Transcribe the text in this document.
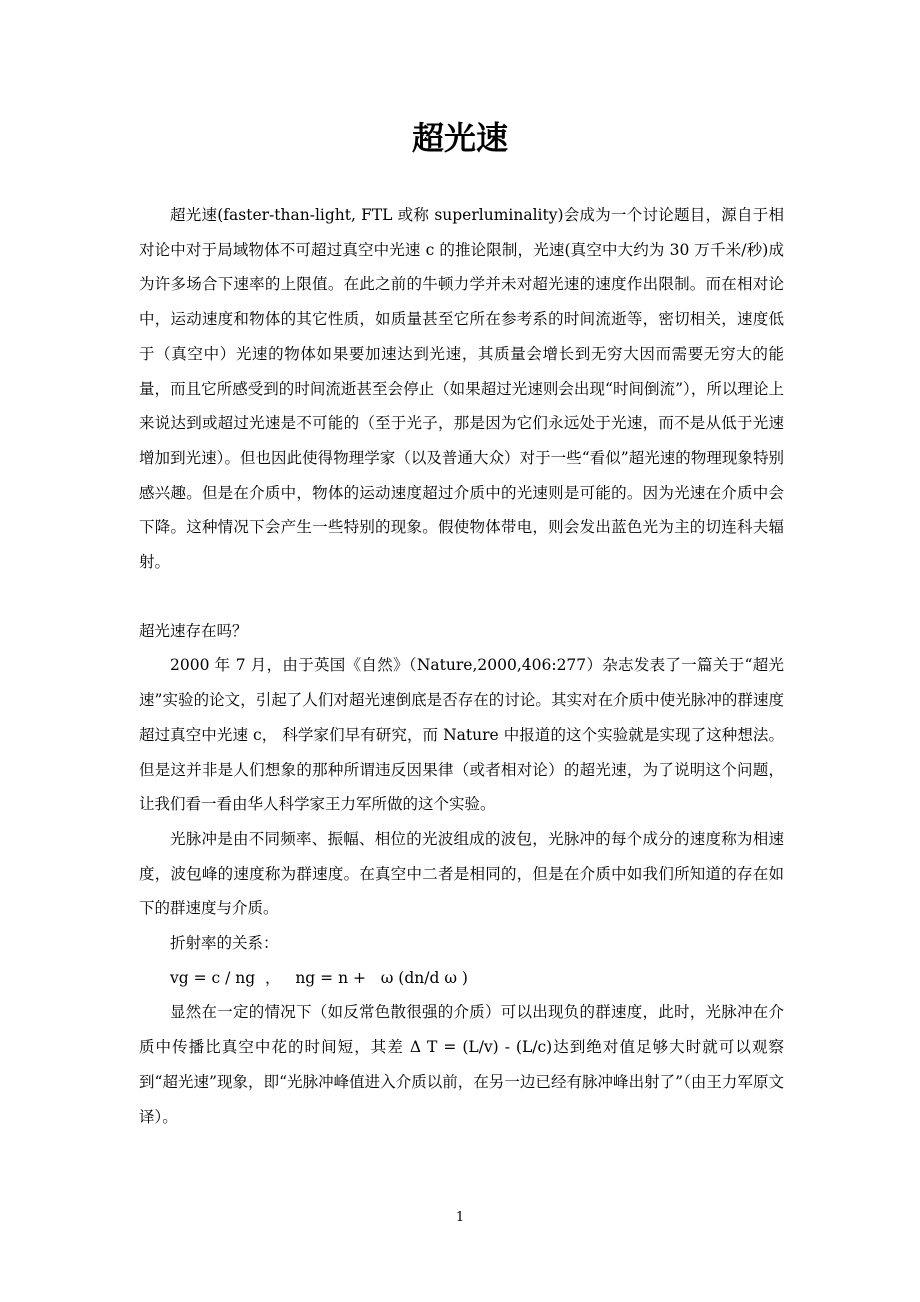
超光速

超光速(faster-than-light, FTL 或称 superluminality)会成为一个讨论题目，源自于相对论中对于局域物体不可超过真空中光速 c 的推论限制，光速(真空中大约为 30 万千米/秒)成为许多场合下速率的上限值。在此之前的牛顿力学并未对超光速的速度作出限制。而在相对论中，运动速度和物体的其它性质，如质量甚至它所在参考系的时间流逝等，密切相关，速度低于（真空中）光速的物体如果要加速达到光速，其质量会增长到无穷大因而需要无穷大的能量，而且它所感受到的时间流逝甚至会停止（如果超过光速则会出现“时间倒流”），所以理论上来说达到或超过光速是不可能的（至于光子，那是因为它们永远处于光速，而不是从低于光速增加到光速）。但也因此使得物理学家（以及普通大众）对于一些“看似”超光速的物理现象特别感兴趣。但是在介质中，物体的运动速度超过介质中的光速则是可能的。因为光速在介质中会下降。这种情况下会产生一些特别的现象。假使物体带电，则会发出蓝色光为主的切连科夫辐射。

超光速存在吗？

2000 年 7 月，由于英国《自然》（Nature,2000,406:277）杂志发表了一篇关于“超光速”实验的论文，引起了人们对超光速倒底是否存在的讨论。其实对在介质中使光脉冲的群速度超过真空中光速 c， 科学家们早有研究，而 Nature 中报道的这个实验就是实现了这种想法。但是这并非是人们想象的那种所谓违反因果律（或者相对论）的超光速，为了说明这个问题，让我们看一看由华人科学家王力军所做的这个实验。

光脉冲是由不同频率、振幅、相位的光波组成的波包，光脉冲的每个成分的速度称为相速度，波包峰的速度称为群速度。在真空中二者是相同的，但是在介质中如我们所知道的存在如下的群速度与介质。

折射率的关系：

vg = c / ng  ，   ng = n +   ω (dn/d ω )

显然在一定的情况下（如反常色散很强的介质）可以出现负的群速度，此时，光脉冲在介质中传播比真空中花的时间短，其差 Δ T = (L/v) - (L/c)达到绝对值足够大时就可以观察到“超光速”现象，即“光脉冲峰值进入介质以前，在另一边已经有脉冲峰出射了”（由王力军原文译）。

1
